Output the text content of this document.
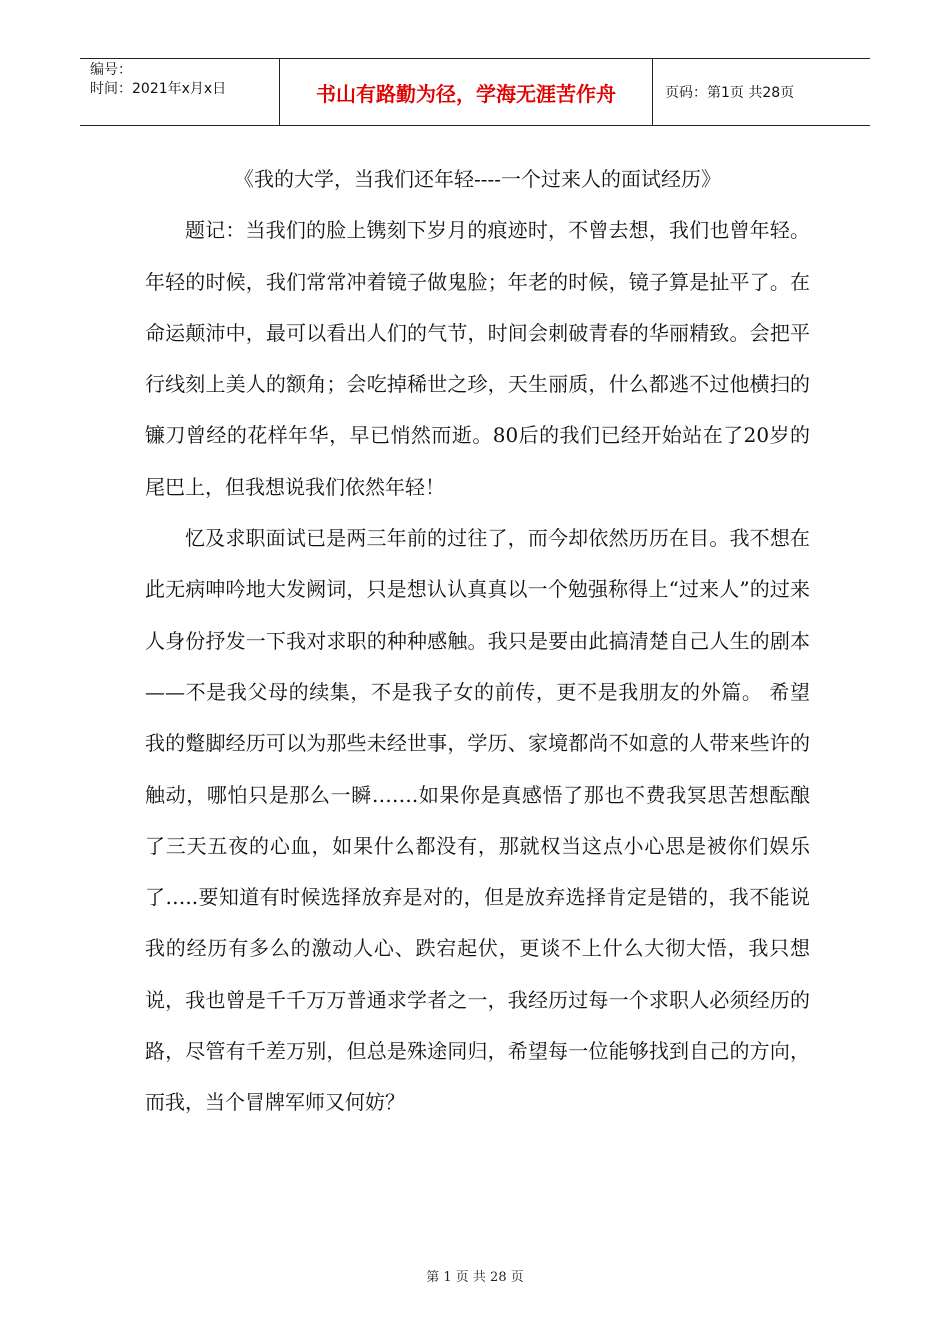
编号：
时间：2021年x月x日	书山有路勤为径，学海无涯苦作舟	页码：第1页 共28页

《我的大学，当我们还年轻----一个过来人的面试经历》

题记：当我们的脸上镌刻下岁月的痕迹时，不曾去想，我们也曾年轻。年轻的时候，我们常常冲着镜子做鬼脸；年老的时候，镜子算是扯平了。在命运颠沛中，最可以看出人们的气节，时间会刺破青春的华丽精致。会把平行线刻上美人的额角；会吃掉稀世之珍，天生丽质，什么都逃不过他横扫的镰刀曾经的花样年华，早已悄然而逝。80后的我们已经开始站在了20岁的尾巴上，但我想说我们依然年轻！

忆及求职面试已是两三年前的过往了，而今却依然历历在目。我不想在此无病呻吟地大发阙词，只是想认认真真以一个勉强称得上“过来人”的过来人身份抒发一下我对求职的种种感触。我只是要由此搞清楚自己人生的剧本——不是我父母的续集，不是我子女的前传，更不是我朋友的外篇。 希望我的蹩脚经历可以为那些未经世事，学历、家境都尚不如意的人带来些许的触动，哪怕只是那么一瞬…….如果你是真感悟了那也不费我冥思苦想酝酿了三天五夜的心血，如果什么都没有，那就权当这点小心思是被你们娱乐了…..要知道有时候选择放弃是对的，但是放弃选择肯定是错的，我不能说我的经历有多么的激动人心、跌宕起伏，更谈不上什么大彻大悟，我只想说，我也曾是千千万万普通求学者之一，我经历过每一个求职人必须经历的路，尽管有千差万别，但总是殊途同归，希望每一位能够找到自己的方向，而我，当个冒牌军师又何妨？

第 1 页 共 28 页
